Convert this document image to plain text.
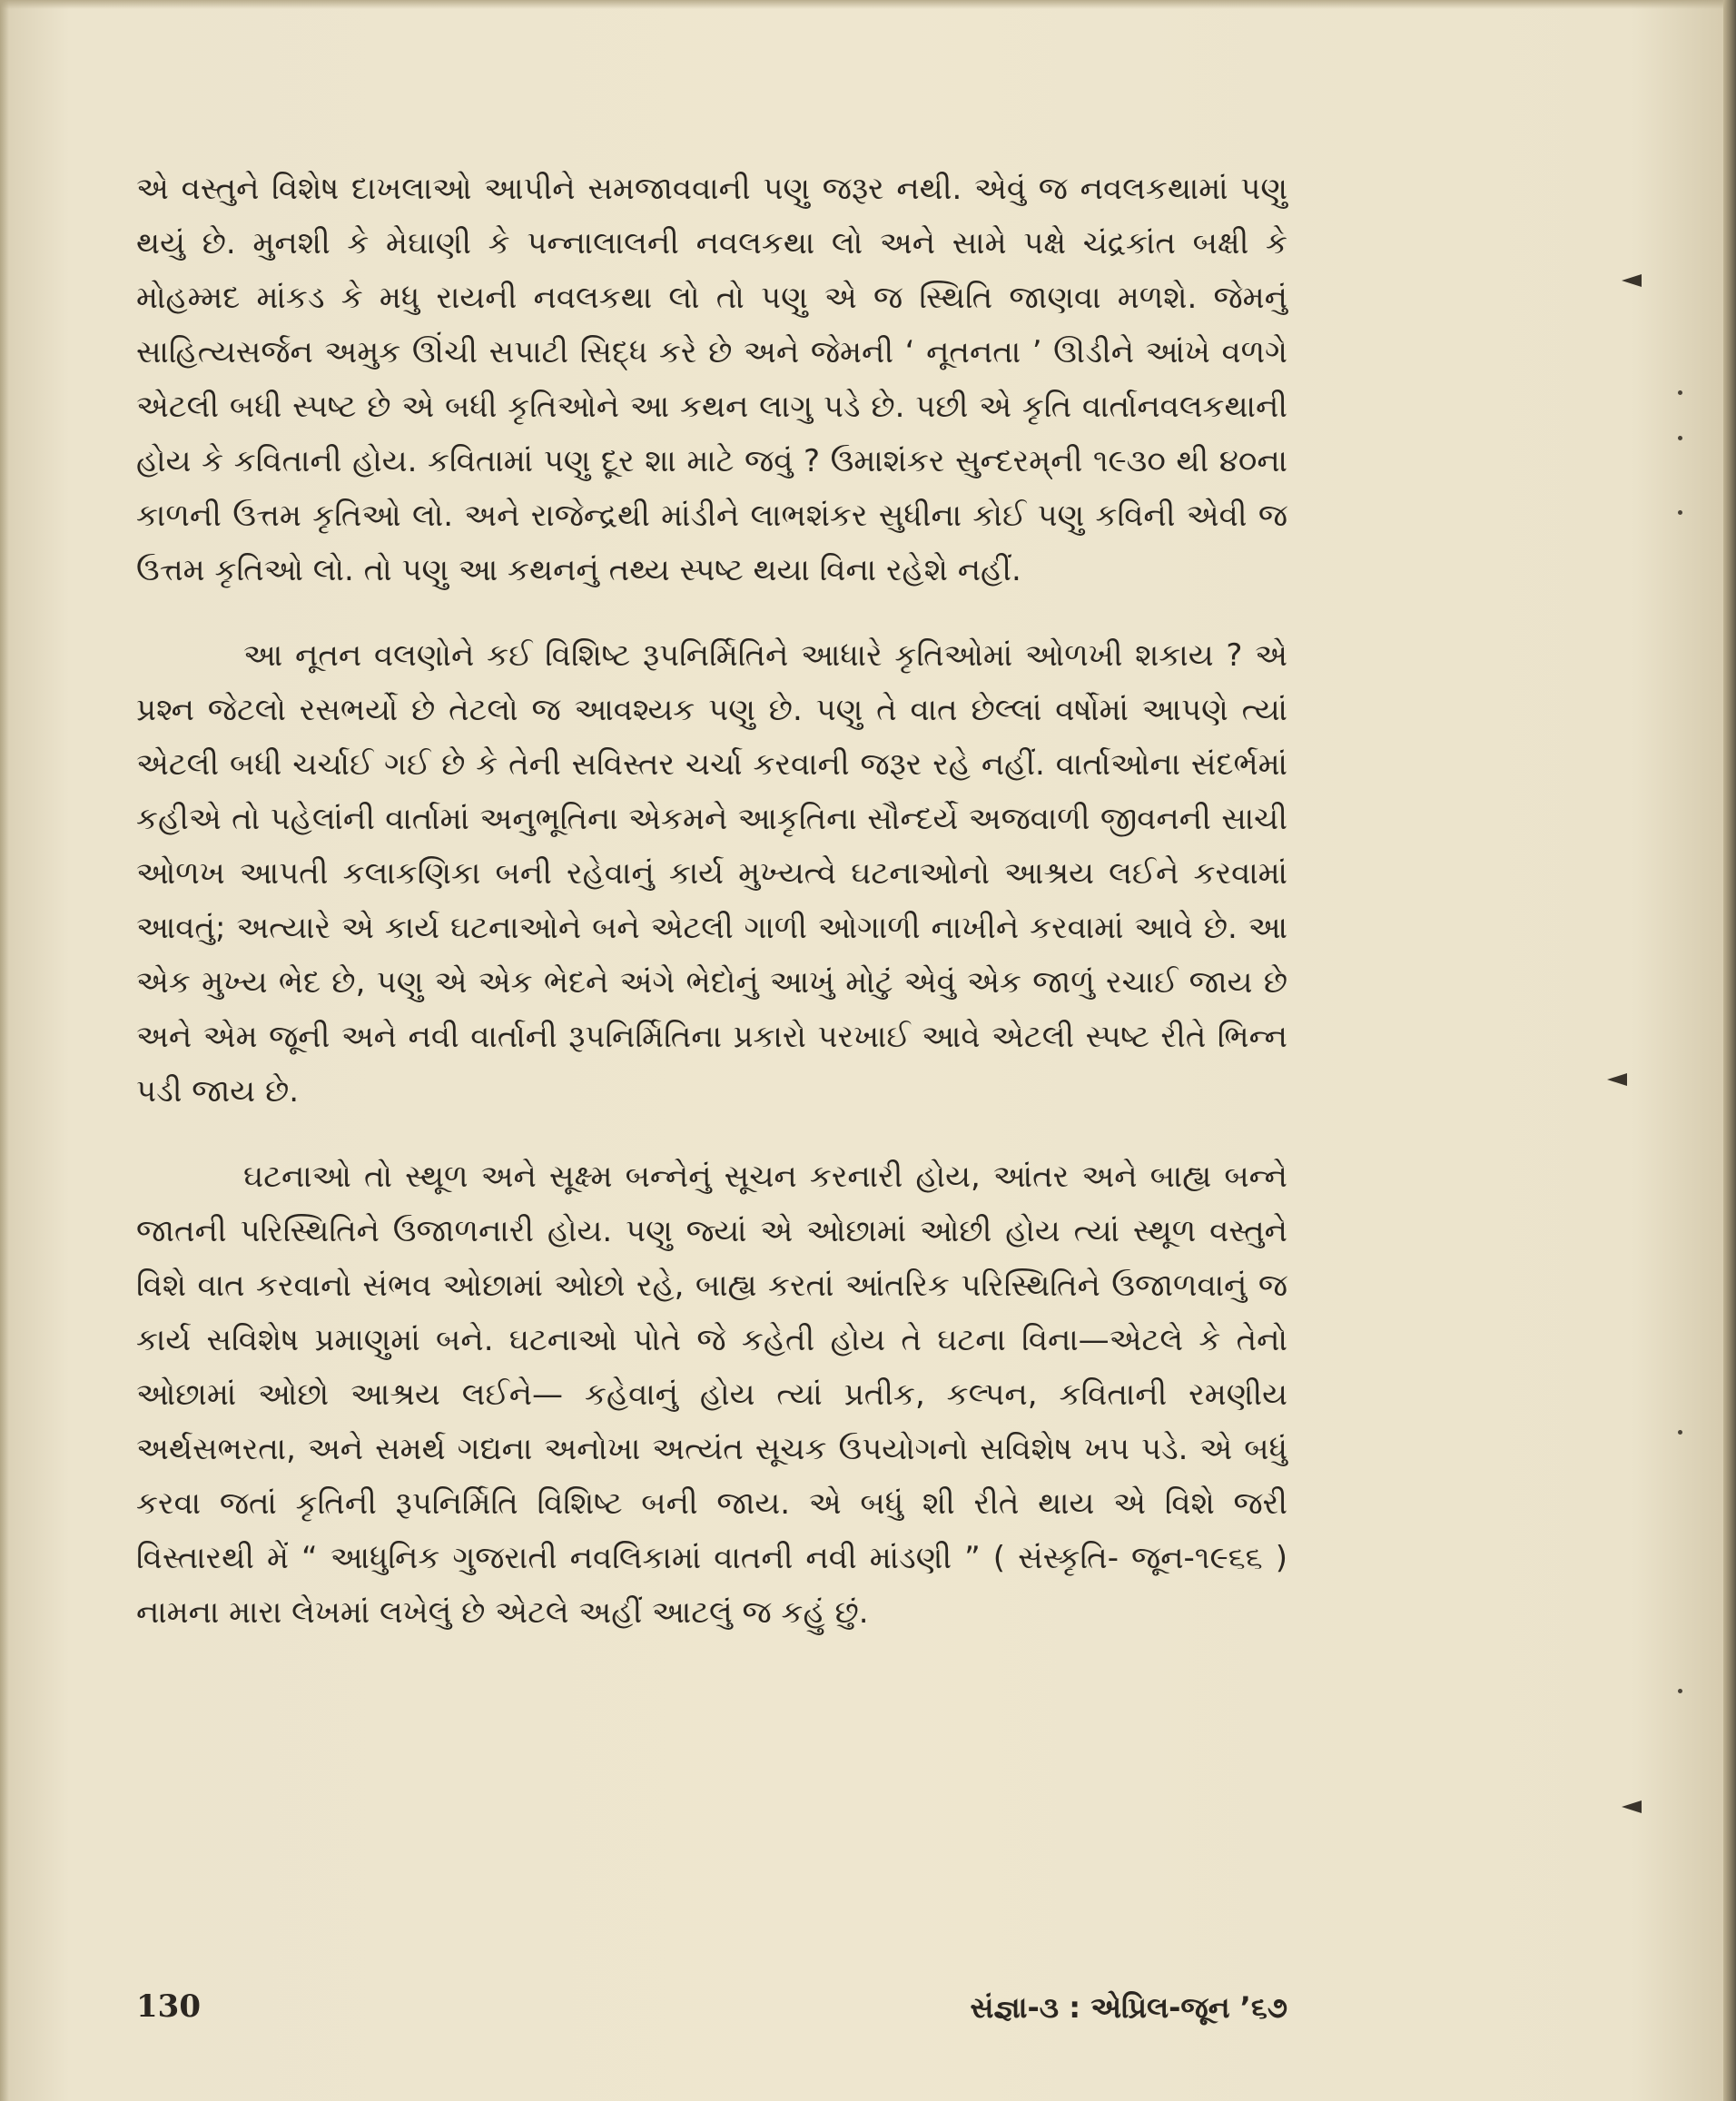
એ વસ્તુને વિશેષ દાખલાઓ આપીને સમજાવવાની પણુ જરૂર નથી. એવું જ નવલકથામાં પણુ થયું છે. મુનશી કે મેઘાણી કે પન્નાલાલની નવલકથા લો અને સામે પક્ષે ચંદ્રકાંત બક્ષી કે મોહમ્મદ માંકડ કે મધુ રાયની નવલકથા લો તો પણુ એ જ સ્થિતિ જાણવા મળશે. જેમનું સાહિત્યસર્જન અમુક ઊંચી સપાટી સિદ્ધ કરે છે અને જેમની ‘ નૂતનતા ’ ઊડીને આંખે વળગે એટલી બધી સ્પષ્ટ છે એ બધી કૃતિઓને આ કથન લાગુ પડે છે. પછી એ કૃતિ વાર્તાનવલકથાની હોય કે કવિતાની હોય. કવિતામાં પણુ દૂર શા માટે જવું ? ઉમાશંકર સુન્દરમ્‌ની ૧૯૩૦ થી ૪૦ના કાળની ઉત્તમ કૃતિઓ લો. અને રાજેન્દ્રથી માંડીને લાભશંકર સુધીના કોઈ પણુ કવિની એવી જ ઉત્તમ કૃતિઓ લો. તો પણુ આ કથનનું તથ્ય સ્પષ્ટ થયા વિના રહેશે નહીં.

આ નૂતન વલણોને કઈ વિશિષ્ટ રૂપનિર્મિતિને આધારે કૃતિઓમાં ઓળખી શકાય ? એ પ્રશ્ન જેટલો રસભર્યો છે તેટલો જ આવશ્યક પણુ છે. પણુ તે વાત છેલ્લાં વર્ષોમાં આપણે ત્યાં એટલી બધી ચર્ચાઈ ગઈ છે કે તેની સવિસ્તર ચર્ચા કરવાની જરૂર રહે નહીં. વાર્તાઓના સંદર્ભમાં કહીએ તો પહેલાંની વાર્તામાં અનુભૂતિના એકમને આકૃતિના સૌન્દર્યે અજવાળી જીવનની સાચી ઓળખ આપતી કલાકણિકા બની રહેવાનું કાર્ય મુખ્યત્વે ઘટનાઓનો આશ્રય લઈને કરવામાં આવતું; અત્યારે એ કાર્ય ઘટનાઓને બને એટલી ગાળી ઓગાળી નાખીને કરવામાં આવે છે. આ એક મુખ્ય ભેદ છે, પણુ એ એક ભેદને અંગે ભેદોનું આખું મોટું એવું એક જાળું રચાઈ જાય છે અને એમ જૂની અને નવી વાર્તાની રૂપનિર્મિતિના પ્રકારો પરખાઈ આવે એટલી સ્પષ્ટ રીતે ભિન્ન પડી જાય છે.

ઘટનાઓ તો સ્થૂળ અને સૂક્ષ્મ બન્નેનું સૂચન કરનારી હોય, આંતર અને બાહ્ય બન્ને જાતની પરિસ્થિતિને ઉજાળનારી હોય. પણુ જ્યાં એ ઓછામાં ઓછી હોય ત્યાં સ્થૂળ વસ્તુને વિશે વાત કરવાનો સંભવ ઓછામાં ઓછો રહે, બાહ્ય કરતાં આંતરિક પરિસ્થિતિને ઉજાળવાનું જ કાર્ય સવિશેષ પ્રમાણુમાં બને. ઘટનાઓ પોતે જે કહેતી હોય તે ઘટના વિના—એટલે કે તેનો ઓછામાં ઓછો આશ્રય લઈને— કહેવાનું હોય ત્યાં પ્રતીક, કલ્પન, કવિતાની રમણીય અર્થસભરતા, અને સમર્થ ગદ્યના અનોખા અત્યંત સૂચક ઉપયોગનો સવિશેષ ખપ પડે. એ બધું કરવા જતાં કૃતિની રૂપનિર્મિતિ વિશિષ્ટ બની જાય. એ બધું શી રીતે થાય એ વિશે જરી વિસ્તારથી મેં “ આધુનિક ગુજરાતી નવલિકામાં વાતની નવી માંડણી ” ( સંસ્કૃતિ- જૂન-૧૯૬૬ ) નામના મારા લેખમાં લખેલું છે એટલે અહીં આટલું જ કહું છું.

130	સંજ્ઞા-૩ : એપ્રિલ-જૂન ’૬૭
